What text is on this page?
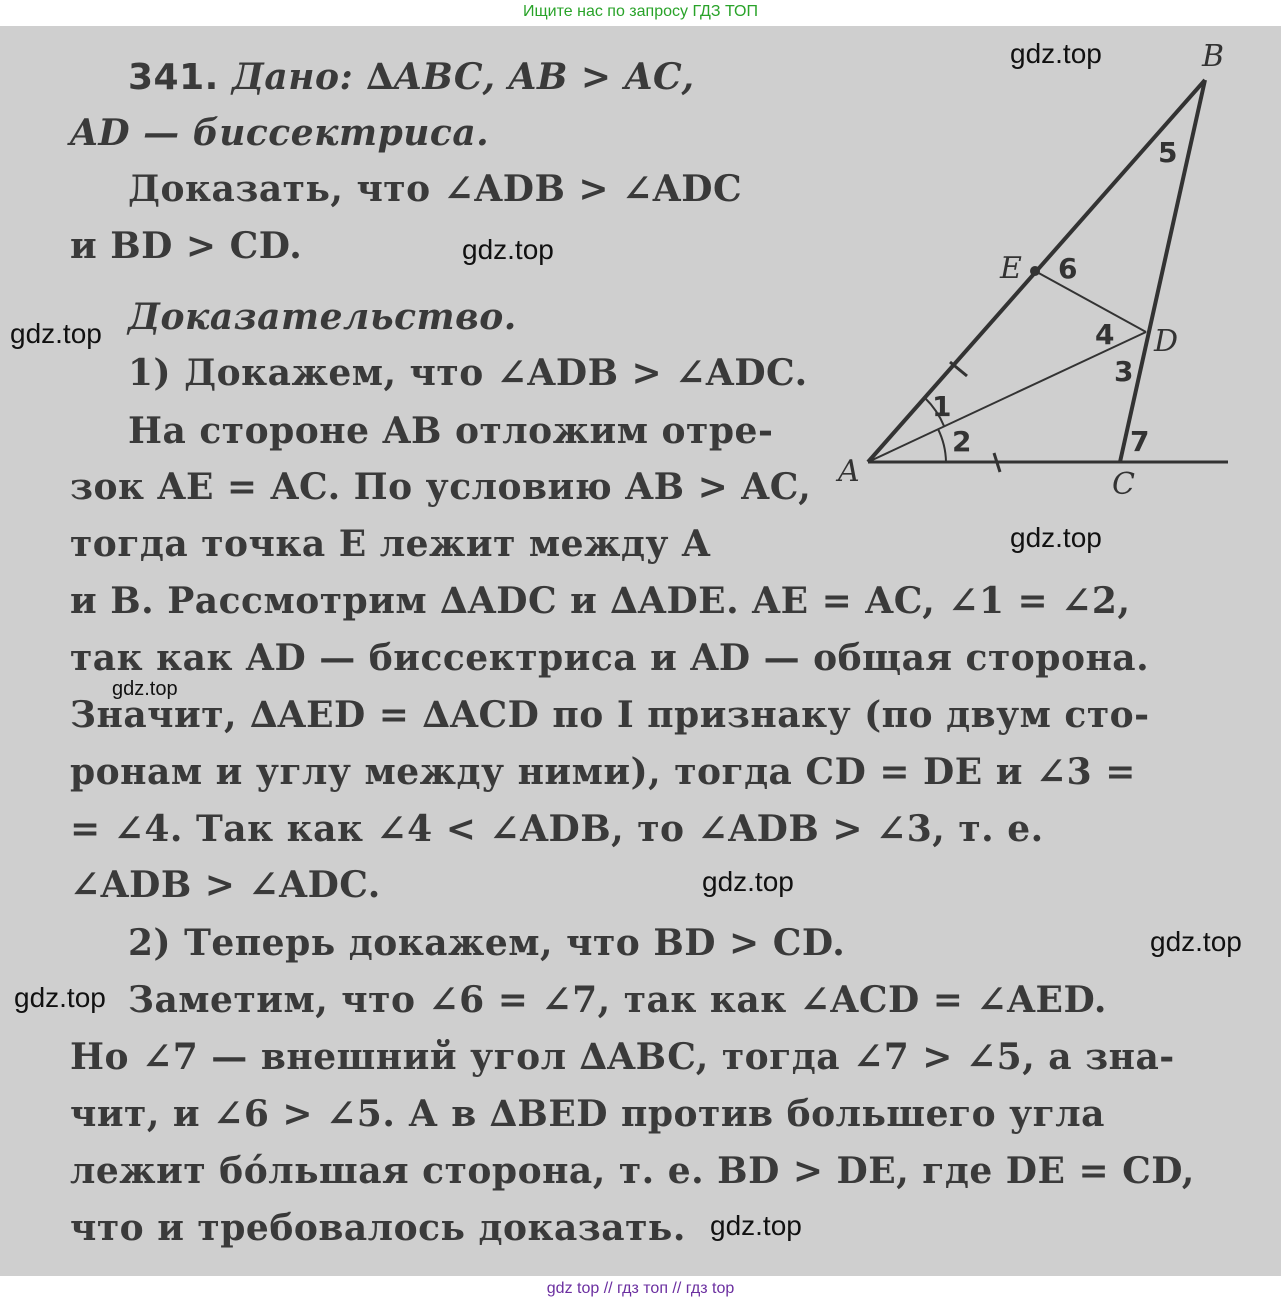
Ищите нас по запросу ГДЗ ТОП
341. Дано: ∆ABC, AB > AC,
AD — биссектриса.
Доказать, что ∠ADB > ∠ADC
и BD > CD.
Доказательство.
1) Докажем, что ∠ADB > ∠ADC.
На стороне AB отложим отре-
зок AE = AC. По условию AB > AC,
тогда точка E лежит между A
и B. Рассмотрим ∆ADC и ∆ADE. AE = AC, ∠1 = ∠2,
так как AD — биссектриса и AD — общая сторона.
Значит, ∆AED = ∆ACD по I признаку (по двум сто-
ронам и углу между ними), тогда CD = DE и ∠3 =
= ∠4. Так как ∠4 < ∠ADB, то ∠ADB > ∠3, т. е.
∠ADB > ∠ADC.
2) Теперь докажем, что BD > CD.
Заметим, что ∠6 = ∠7, так как ∠ACD = ∠AED.
Но ∠7 — внешний угол ∆ABC, тогда ∠7 > ∠5, а зна-
чит, и ∠6 > ∠5. А в ∆BED против большего угла
лежит бóльшая сторона, т. е. BD > DE, где DE = CD,
что и требовалось доказать.
B
E
D
A	C
5
6
4
3
1
2	7
gdz.top
gdz.top
gdz.top
gdz.top
gdz.top
gdz.top
gdz.top
gdz.top
gdz.top
gdz top // гдз топ // гдз top
